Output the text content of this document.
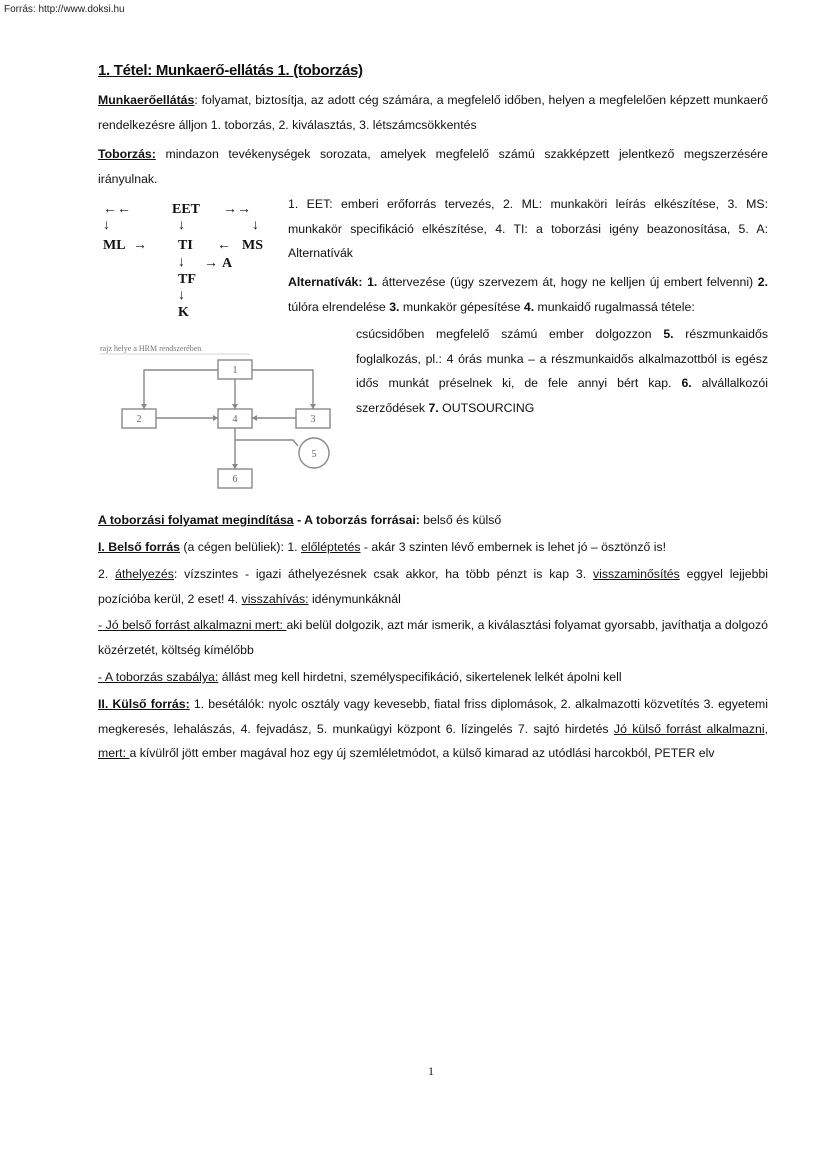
Forrás: http://www.doksi.hu
1. Tétel: Munkaerő-ellátás 1. (toborzás)
Munkaerőellátás: folyamat, biztosítja, az adott cég számára, a megfelelő időben, helyen a megfelelően képzett munkaerő rendelkezésre álljon 1. toborzás, 2. kiválasztás, 3. létszámcsökkentés
Toborzás: mindazon tevékenységek sorozata, amelyek megfelelő számú szakképzett jelentkező megszerzésére irányulnak.
←←	EET →→
↓	↓	↓
ML → TI ← MS
↓ → A
TF
↓
K
1. EET: emberi erőforrás tervezés, 2. ML: munkaköri leírás elkészítése, 3. MS: munkakör specifikáció elkészítése, 4. TI: a toborzási igény beazonosítása, 5. A: Alternatívák
Alternatívák: 1. áttervezése (úgy szervezem át, hogy ne kelljen új embert felvenni) 2. túlóra elrendelése 3. munkakör gépesítése 4. munkaidő rugalmassá tétele:
csúcsidőben megfelelő számú ember dolgozzon 5. részmunkaidős foglalkozás, pl.: 4 órás munka – a részmunkaidős alkalmazottból is egész idős munkát préselnek ki, de fele annyi bért kap. 6. alvállalkozói szerződések 7. OUTSOURCING
rajz helye a HRM rendszerében
1
2	3
4
5
6
A toborzási folyamat megindítása - A toborzás forrásai: belső és külső
I. Belső forrás (a cégen belüliek): 1. előléptetés - akár 3 szinten lévő embernek is lehet jó – ösztönző is!
2. áthelyezés: vízszintes - igazi áthelyezésnek csak akkor, ha több pénzt is kap 3. visszaminősítés eggyel lejjebbi pozícióba kerül, 2 eset! 4. visszahívás: idénymunkáknál
- Jó belső forrást alkalmazni mert: aki belül dolgozik, azt már ismerik, a kiválasztási folyamat gyorsabb, javíthatja a dolgozó közérzetét, költség kímélőbb
- A toborzás szabálya: állást meg kell hirdetni, személyspecifikáció, sikertelenek lelkét ápolni kell
II. Külső forrás: 1. besétálók: nyolc osztály vagy kevesebb, fiatal friss diplomások, 2. alkalmazotti közvetítés 3. egyetemi megkeresés, lehalászás, 4. fejvadász, 5. munkaügyi központ 6. lízingelés 7. sajtó hirdetés Jó külső forrást alkalmazni, mert: a kívülről jött ember magával hoz egy új szemléletmódot, a külső kimarad az utódlási harcokból, PETER elv
1
